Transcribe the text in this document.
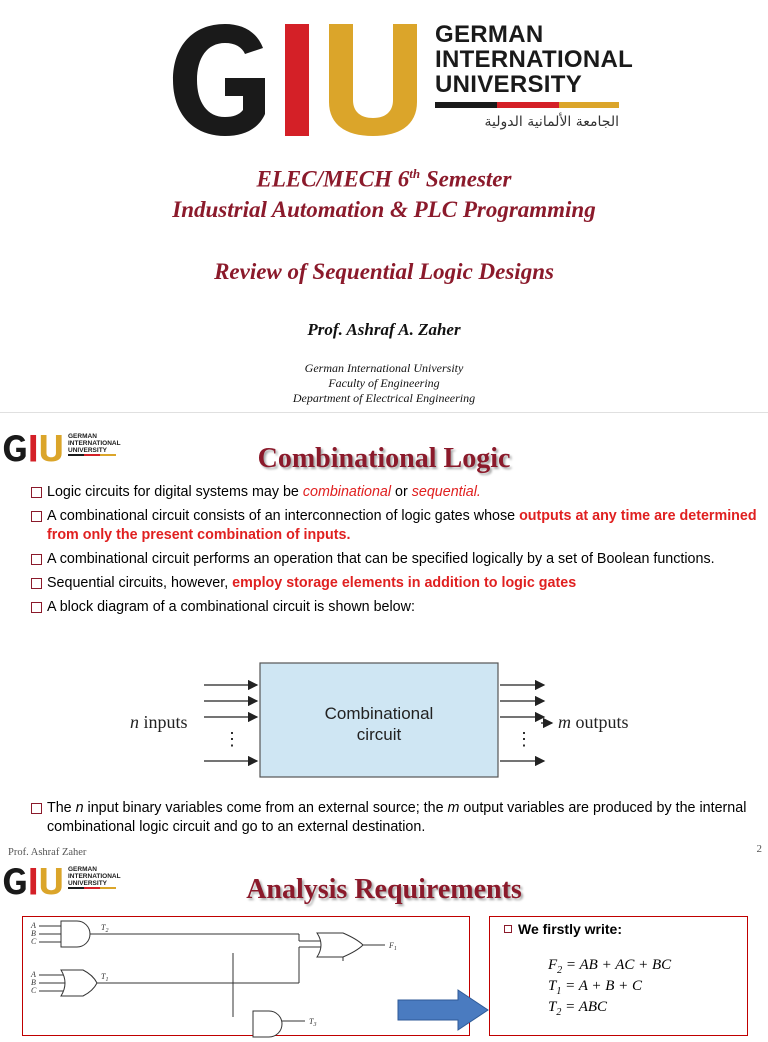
GERMAN
INTERNATIONAL
UNIVERSITY
الجامعة الألمانية الدولية
ELEC/MECH 6th Semester
Industrial Automation & PLC Programming
Review of Sequential Logic Designs
Prof. Ashraf A. Zaher
German International University
Faculty of Engineering
Department of Electrical Engineering
GERMAN
INTERNATIONAL
UNIVERSITY	Combinational Logic
Logic circuits for digital systems may be combinational or sequential.
A combinational circuit consists of an interconnection of logic gates whose outputs at any time are determined from only the present combination of inputs.
A combinational circuit performs an operation that can be specified logically by a set of Boolean functions.
Sequential circuits, however, employ storage elements in addition to logic gates
A block diagram of a combinational circuit is shown below:
Combinational
circuit
⋮	⋮
n inputs	m outputs
The n input binary variables come from an external source; the m output variables are produced by the internal combinational logic circuit and go to an external destination.
Prof. Ashraf Zaher	2
GERMAN
INTERNATIONAL
UNIVERSITY	Analysis Requirements
A
B
C
$T_2$
A
B
C
$T_1$
$F_1$
$T_3$
We firstly write:
$F_2$ = AB + AC + BC
$T_1 = A + B + C$
$T_2$ = ABC
